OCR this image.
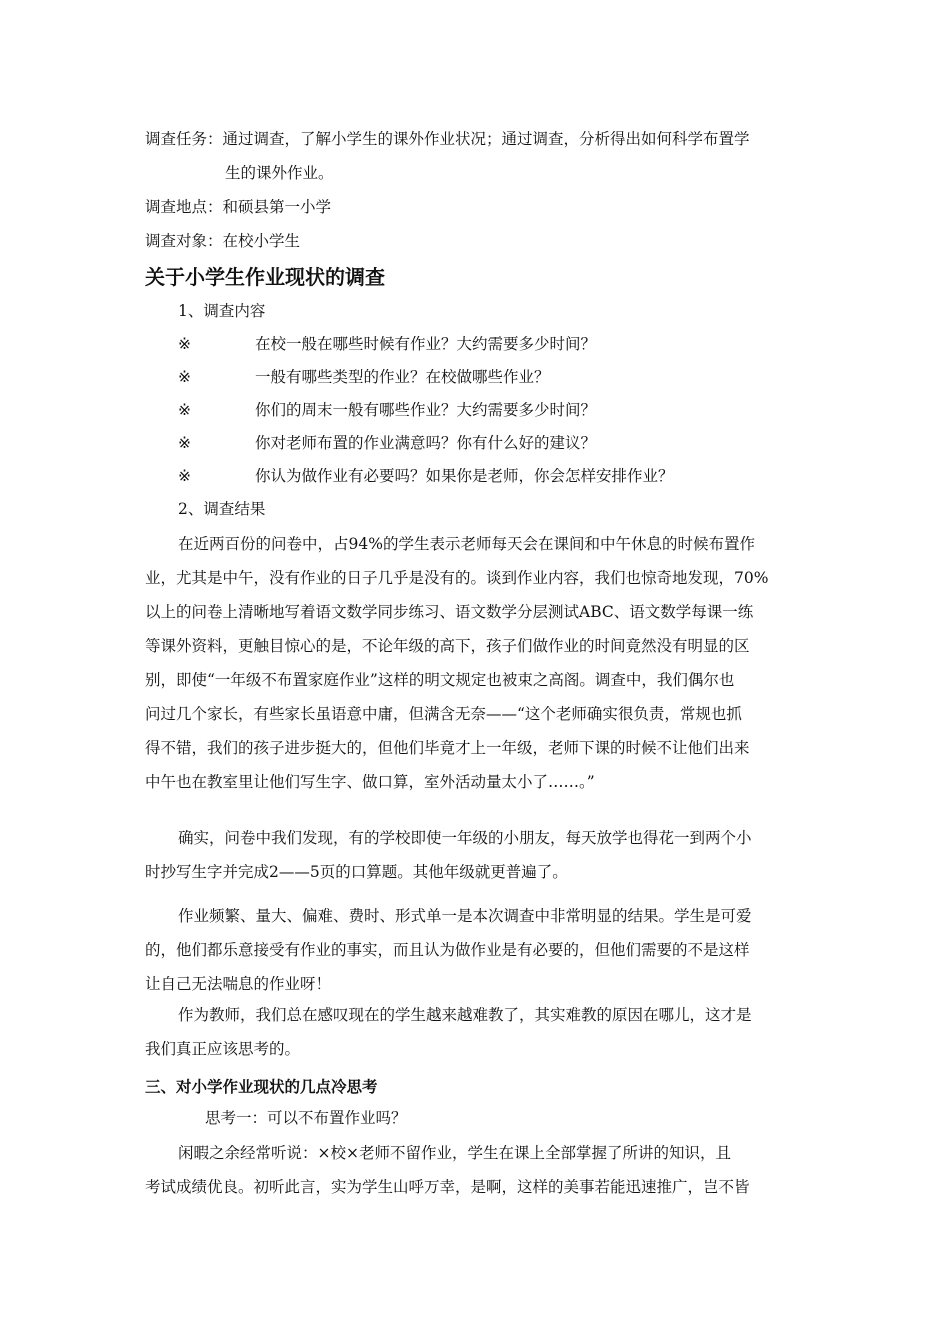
调查任务：通过调查，了解小学生的课外作业状况；通过调查，分析得出如何科学布置学
生的课外作业。
调查地点：和硕县第一小学
调查对象：在校小学生
关于小学生作业现状的调查
1、调查内容
※	在校一般在哪些时候有作业？大约需要多少时间？
※	一般有哪些类型的作业？在校做哪些作业？
※	你们的周末一般有哪些作业？大约需要多少时间？
※	你对老师布置的作业满意吗？你有什么好的建议？
※	你认为做作业有必要吗？如果你是老师，你会怎样安排作业？
2、调查结果
在近两百份的问卷中，占94%的学生表示老师每天会在课间和中午休息的时候布置作
业，尤其是中午，没有作业的日子几乎是没有的。谈到作业内容，我们也惊奇地发现，70%
以上的问卷上清晰地写着语文数学同步练习、语文数学分层测试ABC、语文数学每课一练
等课外资料，更触目惊心的是，不论年级的高下，孩子们做作业的时间竟然没有明显的区
别，即使“一年级不布置家庭作业”这样的明文规定也被束之高阁。调查中，我们偶尔也
问过几个家长，有些家长虽语意中庸，但满含无奈——“这个老师确实很负责，常规也抓
得不错，我们的孩子进步挺大的，但他们毕竟才上一年级，老师下课的时候不让他们出来
中午也在教室里让他们写生字、做口算，室外活动量太小了……。”
确实，问卷中我们发现，有的学校即使一年级的小朋友，每天放学也得花一到两个小
时抄写生字并完成2——5页的口算题。其他年级就更普遍了。
作业频繁、量大、偏难、费时、形式单一是本次调查中非常明显的结果。学生是可爱
的，他们都乐意接受有作业的事实，而且认为做作业是有必要的，但他们需要的不是这样
让自己无法喘息的作业呀！
作为教师，我们总在感叹现在的学生越来越难教了，其实难教的原因在哪儿，这才是
我们真正应该思考的。
三、对小学作业现状的几点冷思考
思考一：可以不布置作业吗？
闲暇之余经常听说：×校×老师不留作业，学生在课上全部掌握了所讲的知识，且
考试成绩优良。初听此言，实为学生山呼万幸，是啊，这样的美事若能迅速推广，岂不皆
